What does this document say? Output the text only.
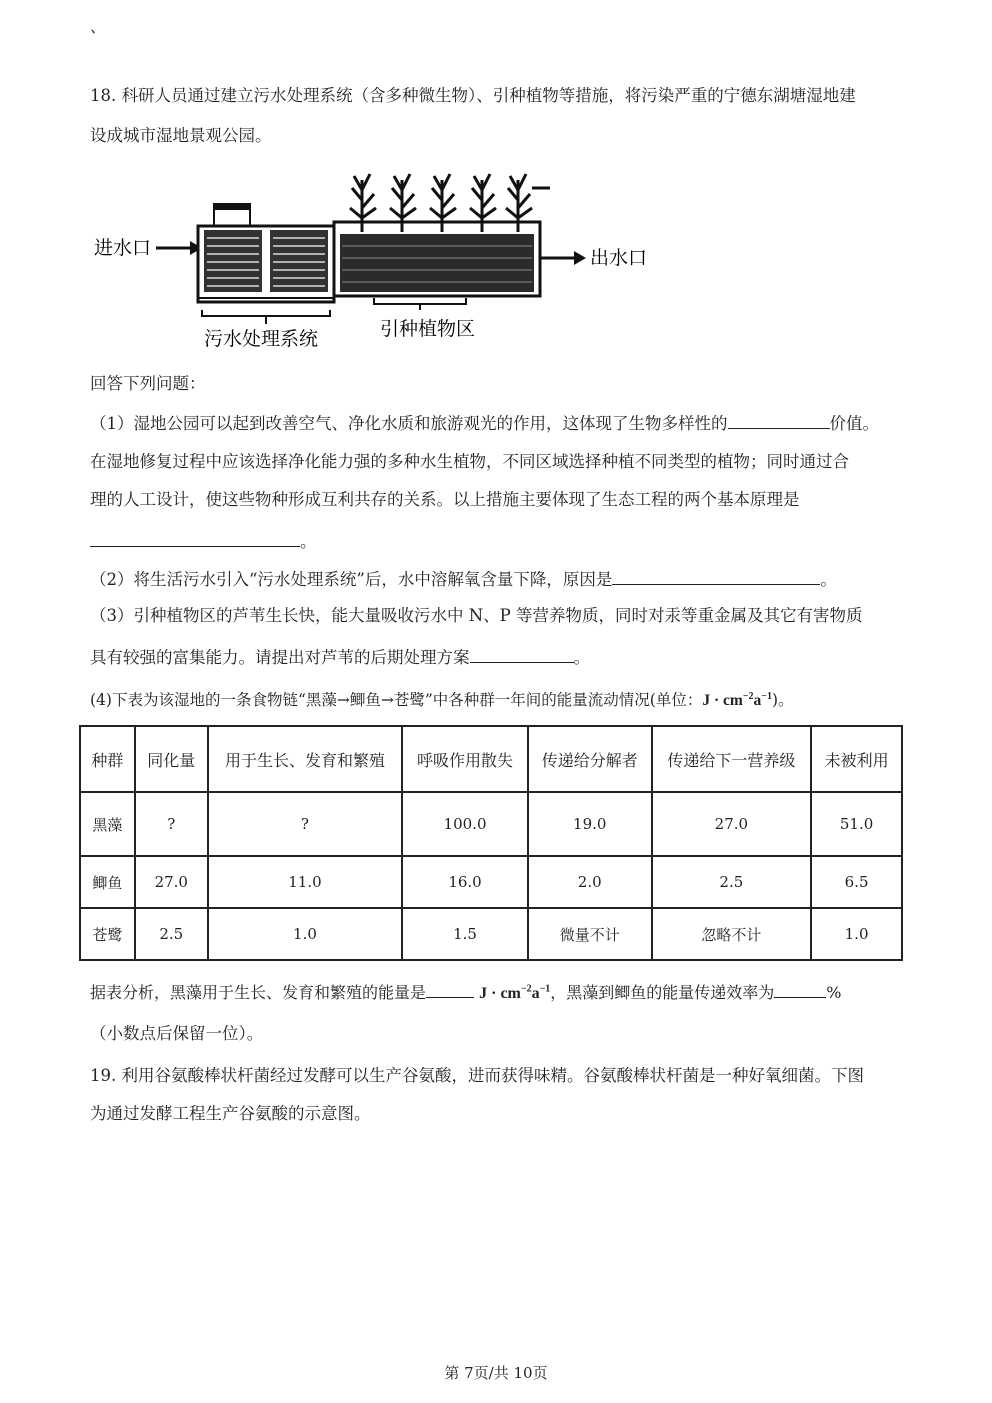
、
18. 科研人员通过建立污水处理系统（含多种微生物）、引种植物等措施，将污染严重的宁德东湖塘湿地建
设成城市湿地景观公园。
进水口	出水口
污水处理系统	引种植物区
回答下列问题：
（1）湿地公园可以起到改善空气、净化水质和旅游观光的作用，这体现了生物多样性的	价值。
在湿地修复过程中应该选择净化能力强的多种水生植物，不同区域选择种植不同类型的植物；同时通过合
理的人工设计，使这些物种形成互利共存的关系。以上措施主要体现了生态工程的两个基本原理是
。
（2）将生活污水引入“污水处理系统”后，水中溶解氧含量下降，原因是	。
（3）引种植物区的芦苇生长快，能大量吸收污水中 N、P 等营养物质，同时对汞等重金属及其它有害物质
具有较强的富集能力。请提出对芦苇的后期处理方案	。
(4)下表为该湿地的一条食物链“黑藻→鲫鱼→苍鹭”中各种群一年间的能量流动情况(单位：$J \cdot cm^{-2}a^{-1}$)。
种群	同化量	用于生长、发育和繁殖	呼吸作用散失	传递给分解者	传递给下一营养级	未被利用
黑藻	?	?	100.0	19.0	27.0	51.0
鲫鱼	27.0	11.0	16.0	2.0	2.5	6.5
苍鹭	2.5	1.0	1.5	微量不计	忽略不计	1.0
据表分析，黑藻用于生长、发育和繁殖的能量是	$J \cdot cm^{-2}a^{-1}$，黑藻到鲫鱼的能量传递效率为	%
（小数点后保留一位）。
19. 利用谷氨酸棒状杆菌经过发酵可以生产谷氨酸，进而获得味精。谷氨酸棒状杆菌是一种好氧细菌。下图
为通过发酵工程生产谷氨酸的示意图。
第 7页/共 10页
